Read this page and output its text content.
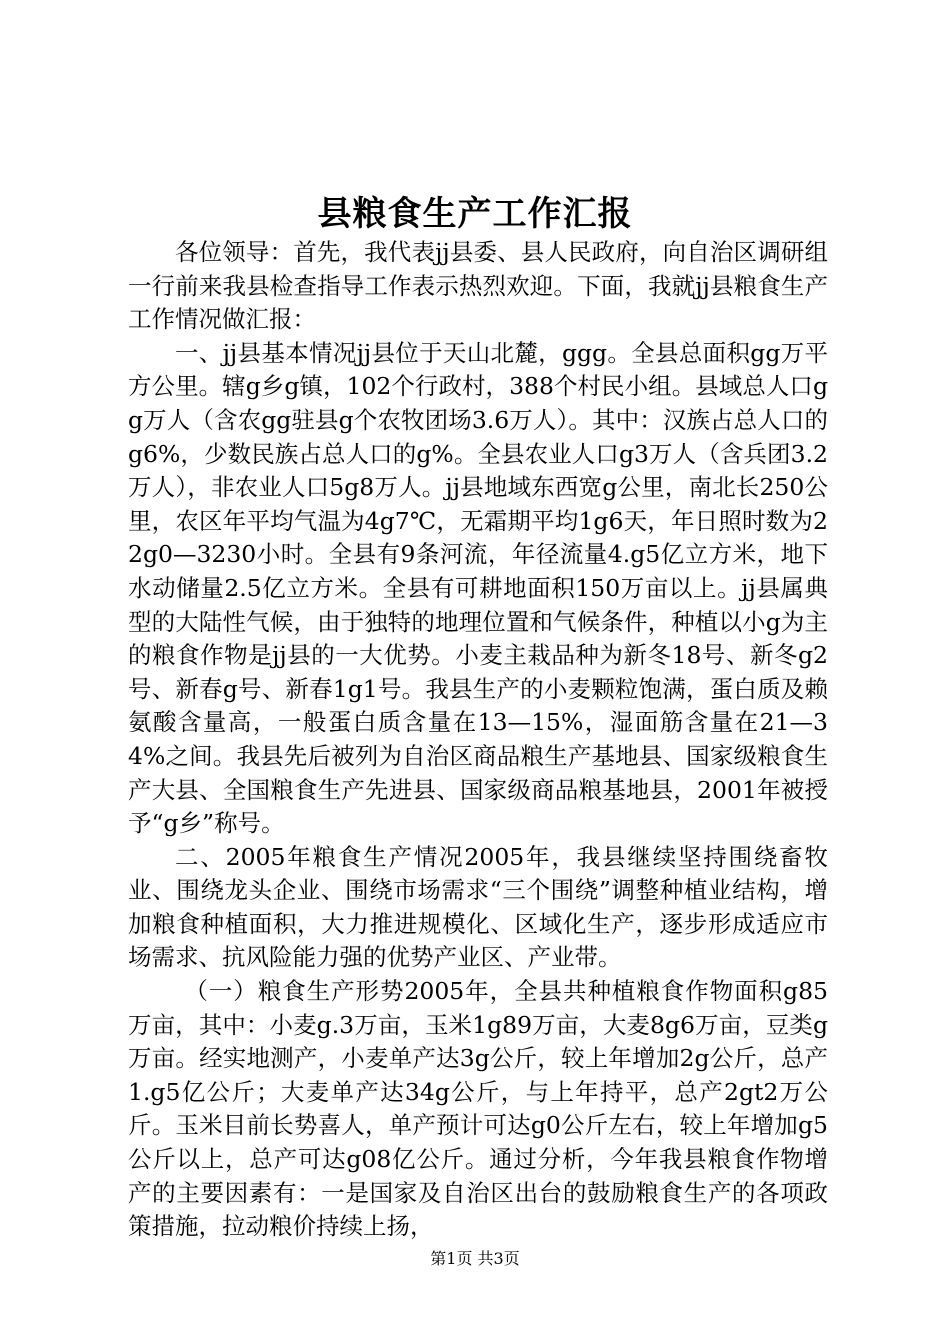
县粮食生产工作汇报

各位领导：首先，我代表jj县委、县人民政府，向自治区调研组一行前来我县检查指导工作表示热烈欢迎。下面，我就jj县粮食生产工作情况做汇报：

一、jj县基本情况jj县位于天山北麓，ggg。全县总面积gg万平方公里。辖g乡g镇，102个行政村，388个村民小组。县域总人口gg万人（含农gg驻县g个农牧团场3.6万人）。其中：汉族占总人口的g6%，少数民族占总人口的g%。全县农业人口g3万人（含兵团3.2万人），非农业人口5g8万人。jj县地域东西宽g公里，南北长250公里，农区年平均气温为4g7℃，无霜期平均1g6天，年日照时数为22g0—3230小时。全县有9条河流，年径流量4.g5亿立方米，地下水动储量2.5亿立方米。全县有可耕地面积150万亩以上。jj县属典型的大陆性气候，由于独特的地理位置和气候条件，种植以小g为主的粮食作物是jj县的一大优势。小麦主栽品种为新冬18号、新冬g2号、新春g号、新春1g1号。我县生产的小麦颗粒饱满，蛋白质及赖氨酸含量高，一般蛋白质含量在13—15%，湿面筋含量在21—34%之间。我县先后被列为自治区商品粮生产基地县、国家级粮食生产大县、全国粮食生产先进县、国家级商品粮基地县，2001年被授予“g乡”称号。

二、2005年粮食生产情况2005年，我县继续坚持围绕畜牧业、围绕龙头企业、围绕市场需求“三个围绕”调整种植业结构，增加粮食种植面积，大力推进规模化、区域化生产，逐步形成适应市场需求、抗风险能力强的优势产业区、产业带。

（一）粮食生产形势2005年，全县共种植粮食作物面积g85万亩，其中：小麦g.3万亩，玉米1g89万亩，大麦8g6万亩，豆类g万亩。经实地测产，小麦单产达3g公斤，较上年增加2g公斤，总产1.g5亿公斤；大麦单产达34g公斤，与上年持平，总产2gt2万公斤。玉米目前长势喜人，单产预计可达g0公斤左右，较上年增加g5公斤以上，总产可达g08亿公斤。通过分析，今年我县粮食作物增产的主要因素有：一是国家及自治区出台的鼓励粮食生产的各项政策措施，拉动粮价持续上扬，

第1页 共3页
